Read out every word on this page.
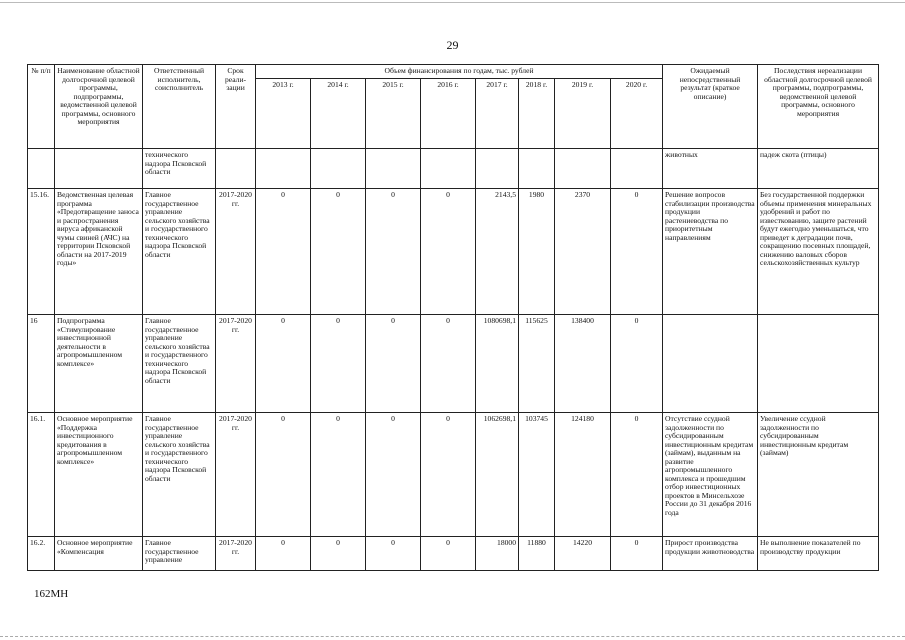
29
№ п/п	Наименование областной долгосрочной целевой программы, подпрограммы, ведомственной целевой программы, основного мероприятия	Ответственный исполнитель, соисполнитель	Срок реали-зации	Объем финансирования по годам, тыс. рублей								Ожидаемый непосредственный результат (краткое описание)	Последствия нереализации областной долгосрочной целевой программы, подпрограммы, ведомственной целевой программы, основного мероприятия
				2013 г.	2014 г.	2015 г.	2016 г.	2017 г.	2018 г.	2019 г.	2020 г.		
		технического надзора Псковской области										животных	падеж скота (птицы)
15.16.	Ведомственная целевая программа «Предотвращение заноса и распространения вируса африканской чумы свиней (АЧС) на территории Псковской области на 2017-2019 годы»	Главное государственное управление сельского хозяйства и государственного технического надзора Псковской области	2017-2020 гг.	0	0	0	0	2143,5	1980	2370	0	Решение вопросов стабилизации производства продукции растениеводства по приоритетным направлениям	Без государственной поддержки объемы применения минеральных удобрений и работ по известкованию, защите растений будут ежегодно уменьшаться, что приведет к деградации почв, сокращению посевных площадей, снижению валовых сборов сельскохозяйственных культур
16	Подпрограмма «Стимулирование инвестиционной деятельности в агропромышленном комплексе»	Главное государственное управление сельского хозяйства и государственного технического надзора Псковской области	2017-2020 гг.	0	0	0	0	1080698,1	115625	138400	0		
16.1.	Основное мероприятие «Поддержка инвестиционного кредитования в агропромышленном комплексе»	Главное государственное управление сельского хозяйства и государственного технического надзора Псковской области	2017-2020 гг.	0	0	0	0	1062698,1	103745	124180	0	Отсутствие ссудной задолженности по субсидированным инвестиционным кредитам (займам), выданным на развитие агропромышленного комплекса и прошедшим отбор инвестиционных проектов в Минсельхозе России до 31 декабря 2016 года	Увеличение ссудной задолженности по субсидированным инвестиционным кредитам (займам)
16.2.	Основное мероприятие «Компенсация	Главное государственное управление	2017-2020 гг.	0	0	0	0	18000	11880	14220	0	Прирост производства продукции животноводства	Не выполнение показателей по производству продукции
162МН
